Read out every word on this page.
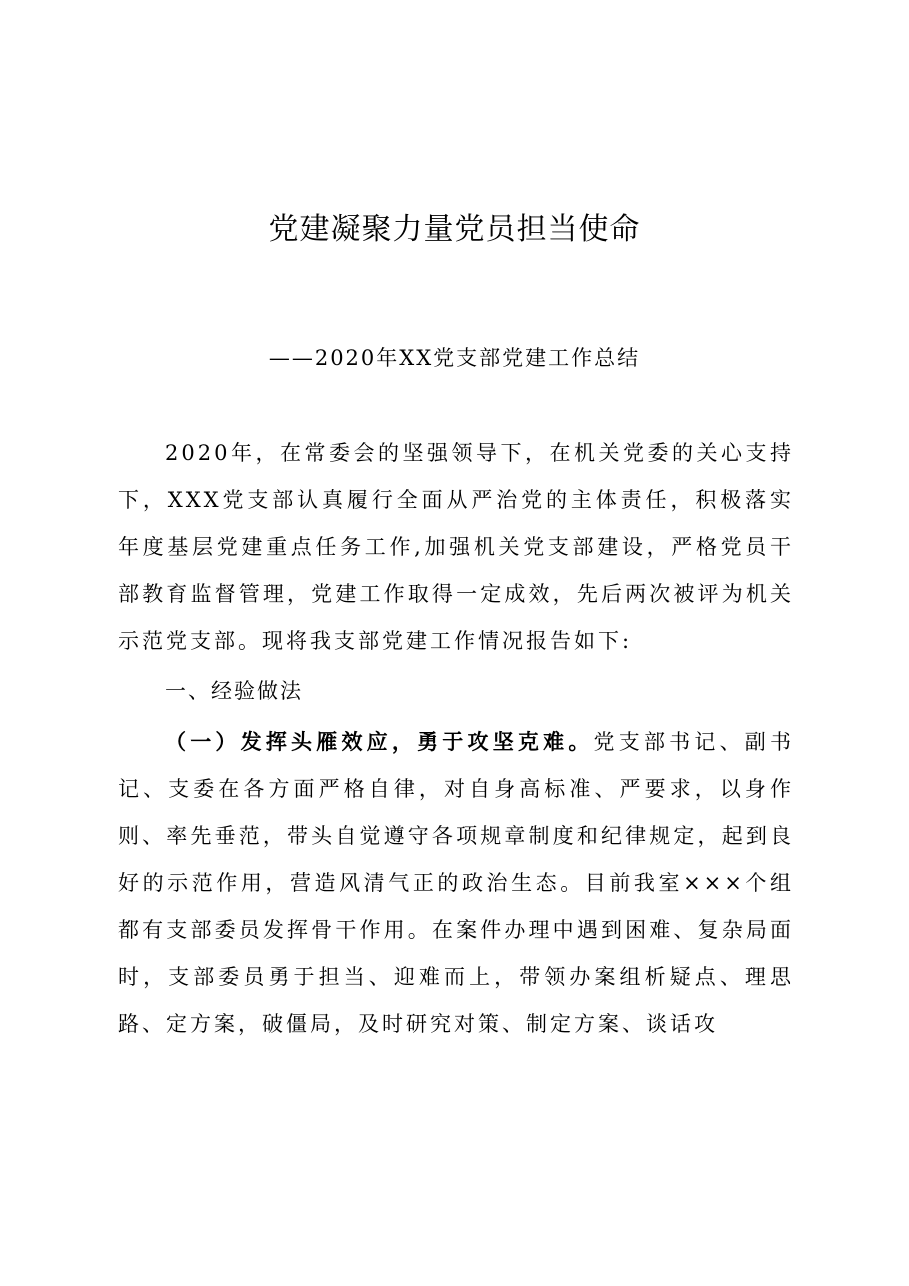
党建凝聚力量党员担当使命
——2020年XX党支部党建工作总结
2020年，在常委会的坚强领导下，在机关党委的关心支持下，XXX党支部认真履行全面从严治党的主体责任，积极落实年度基层党建重点任务工作,加强机关党支部建设，严格党员干部教育监督管理，党建工作取得一定成效，先后两次被评为机关示范党支部。现将我支部党建工作情况报告如下:
一、经验做法
（一）发挥头雁效应，勇于攻坚克难。党支部书记、副书记、支委在各方面严格自律，对自身高标准、严要求，以身作则、率先垂范，带头自觉遵守各项规章制度和纪律规定，起到良好的示范作用，营造风清气正的政治生态。目前我室×××个组都有支部委员发挥骨干作用。在案件办理中遇到困难、复杂局面时，支部委员勇于担当、迎难而上，带领办案组析疑点、理思路、定方案，破僵局，及时研究对策、制定方案、谈话攻
